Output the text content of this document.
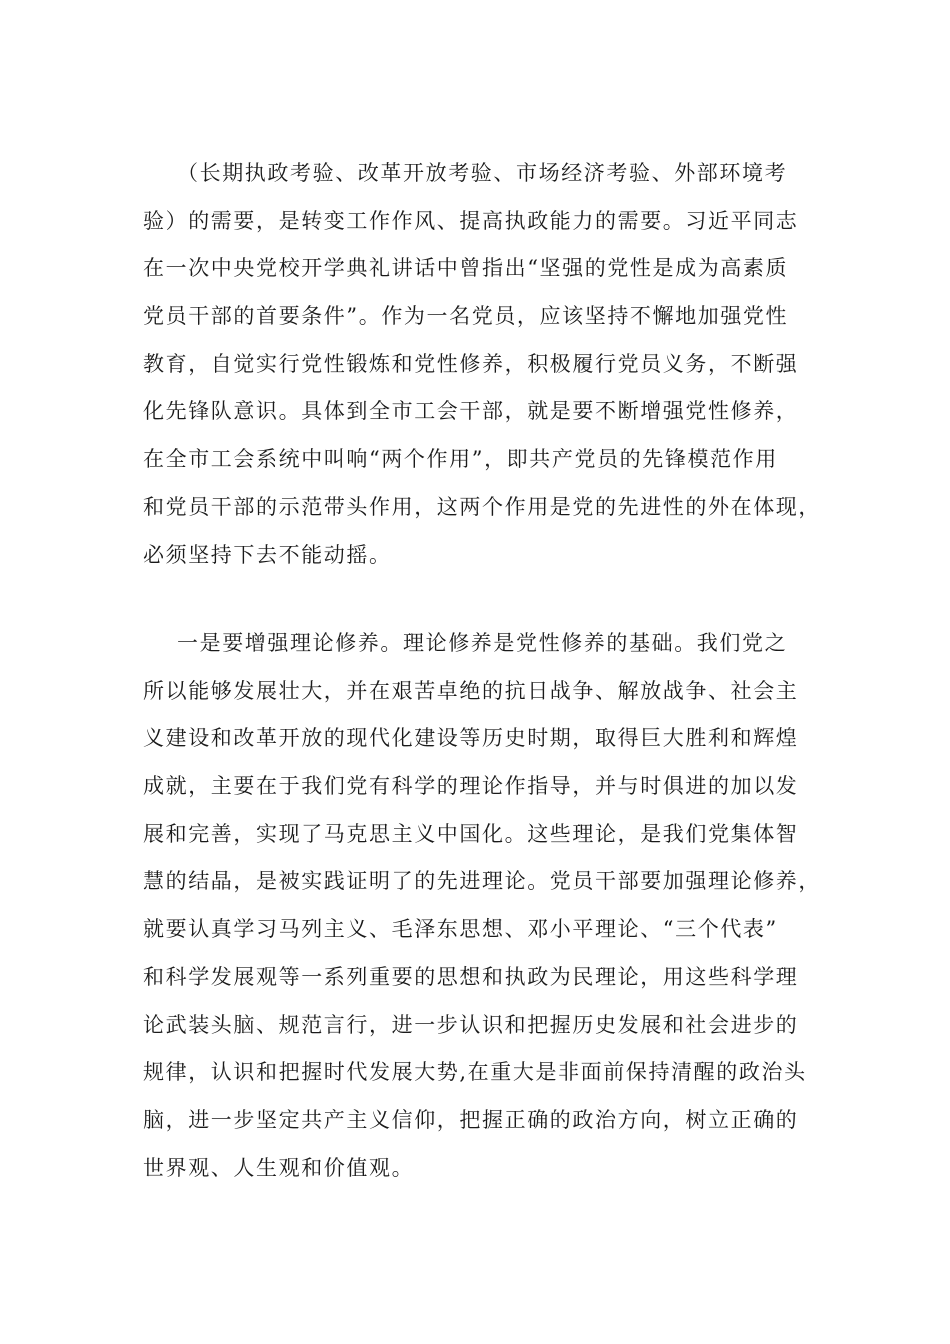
（长期执政考验、改革开放考验、市场经济考验、外部环境考
验）的需要，是转变工作作风、提高执政能力的需要。习近平同志
在一次中央党校开学典礼讲话中曾指出“坚强的党性是成为高素质
党员干部的首要条件”。作为一名党员，应该坚持不懈地加强党性
教育，自觉实行党性锻炼和党性修养，积极履行党员义务，不断强
化先锋队意识。具体到全市工会干部，就是要不断增强党性修养，
在全市工会系统中叫响“两个作用”，即共产党员的先锋模范作用
和党员干部的示范带头作用，这两个作用是党的先进性的外在体现，
必须坚持下去不能动摇。
一是要增强理论修养。理论修养是党性修养的基础。我们党之
所以能够发展壮大，并在艰苦卓绝的抗日战争、解放战争、社会主
义建设和改革开放的现代化建设等历史时期，取得巨大胜利和辉煌
成就，主要在于我们党有科学的理论作指导，并与时俱进的加以发
展和完善，实现了马克思主义中国化。这些理论，是我们党集体智
慧的结晶，是被实践证明了的先进理论。党员干部要加强理论修养，
就要认真学习马列主义、毛泽东思想、邓小平理论、“三个代表”
和科学发展观等一系列重要的思想和执政为民理论，用这些科学理
论武装头脑、规范言行，进一步认识和把握历史发展和社会进步的
规律，认识和把握时代发展大势,在重大是非面前保持清醒的政治头
脑，进一步坚定共产主义信仰，把握正确的政治方向，树立正确的
世界观、人生观和价值观。
